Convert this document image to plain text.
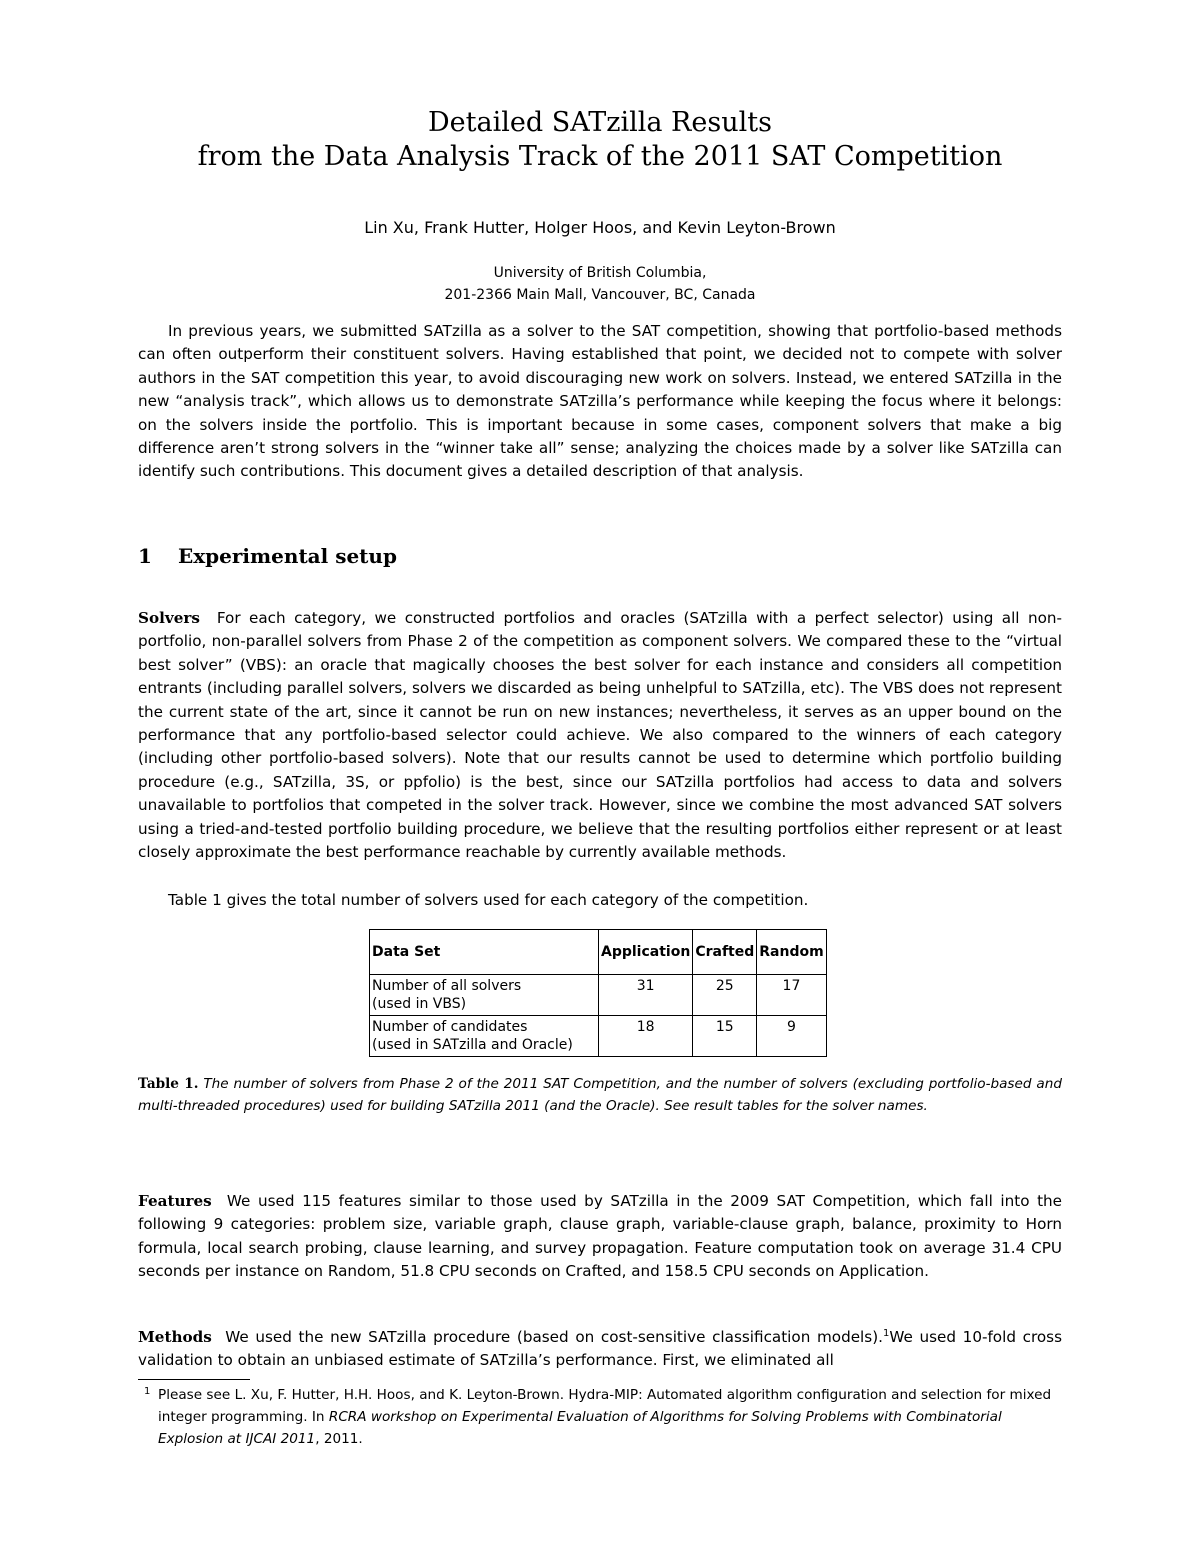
Detailed SATzilla Results
from the Data Analysis Track of the 2011 SAT Competition
Lin Xu, Frank Hutter, Holger Hoos, and Kevin Leyton-Brown
University of British Columbia,
201-2366 Main Mall, Vancouver, BC, Canada
In previous years, we submitted SATzilla as a solver to the SAT competition, showing that portfolio-based methods can often outperform their constituent solvers. Having established that point, we decided not to compete with solver authors in the SAT competition this year, to avoid discouraging new work on solvers. Instead, we entered SATzilla in the new “analysis track”, which allows us to demonstrate SATzilla’s performance while keeping the focus where it belongs: on the solvers inside the portfolio. This is important because in some cases, component solvers that make a big difference aren’t strong solvers in the “winner take all” sense; analyzing the choices made by a solver like SATzilla can identify such contributions. This document gives a detailed description of that analysis.
1 Experimental setup
Solvers For each category, we constructed portfolios and oracles (SATzilla with a perfect selector) using all non-portfolio, non-parallel solvers from Phase 2 of the competition as component solvers. We compared these to the “virtual best solver” (VBS): an oracle that magically chooses the best solver for each instance and considers all competition entrants (including parallel solvers, solvers we discarded as being unhelpful to SATzilla, etc). The VBS does not represent the current state of the art, since it cannot be run on new instances; nevertheless, it serves as an upper bound on the performance that any portfolio-based selector could achieve. We also compared to the winners of each category (including other portfolio-based solvers). Note that our results cannot be used to determine which portfolio building procedure (e.g., SATzilla, 3S, or ppfolio) is the best, since our SATzilla portfolios had access to data and solvers unavailable to portfolios that competed in the solver track. However, since we combine the most advanced SAT solvers using a tried-and-tested portfolio building procedure, we believe that the resulting portfolios either represent or at least closely approximate the best performance reachable by currently available methods.
Table 1 gives the total number of solvers used for each category of the competition.
Data Set	Application	Crafted	Random

Number of all solvers
(used in VBS)	31	25	17

Number of candidates
(used in SATzilla and Oracle)	18	15	9
Table 1. The number of solvers from Phase 2 of the 2011 SAT Competition, and the number of solvers (excluding portfolio-based and multi-threaded procedures) used for building SATzilla 2011 (and the Oracle). See result tables for the solver names.
Features We used 115 features similar to those used by SATzilla in the 2009 SAT Competition, which fall into the following 9 categories: problem size, variable graph, clause graph, variable-clause graph, balance, proximity to Horn formula, local search probing, clause learning, and survey propagation. Feature computation took on average 31.4 CPU seconds per instance on Random, 51.8 CPU seconds on Crafted, and 158.5 CPU seconds on Application.
Methods We used the new SATzilla procedure (based on cost-sensitive classification models).$^1$We used 10-fold cross validation to obtain an unbiased estimate of SATzilla’s performance. First, we eliminated all
1 Please see L. Xu, F. Hutter, H.H. Hoos, and K. Leyton-Brown. Hydra-MIP: Automated algorithm configuration and selection for mixed integer programming. In RCRA workshop on Experimental Evaluation of Algorithms for Solving Problems with Combinatorial Explosion at IJCAI 2011, 2011.
